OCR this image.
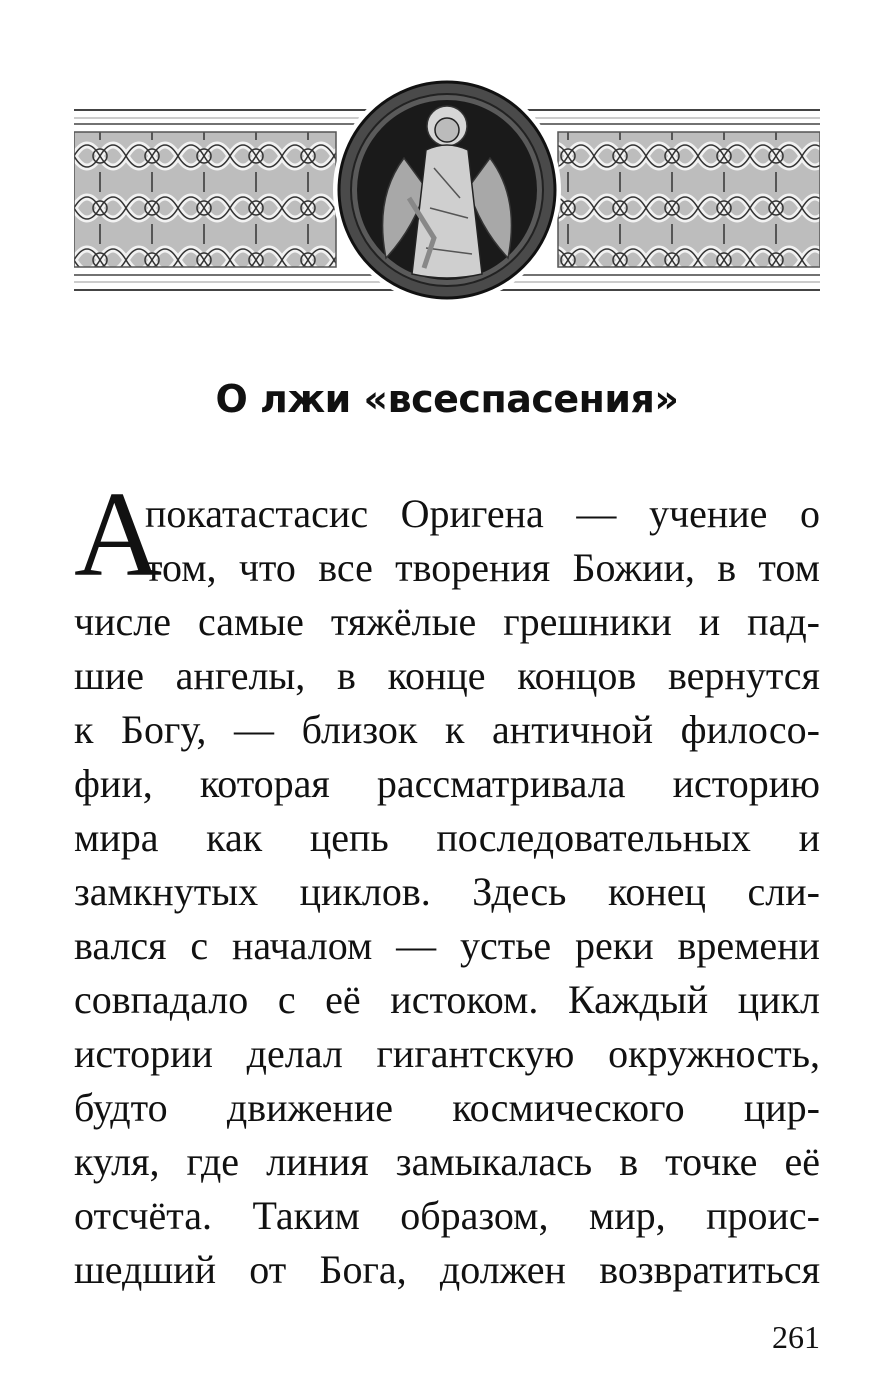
О лжи «всеспасения»
А
покатастасис Оригена — учение о
том, что все творения Божии, в том
числе самые тяжёлые грешники и пад-
шие ангелы, в конце концов вернутся
к Богу, — близок к античной филосо-
фии, которая рассматривала историю
мира как цепь последовательных и
замкнутых циклов. Здесь конец сли-
вался с началом — устье реки времени
совпадало с её истоком. Каждый цикл
истории делал гигантскую окружность,
будто движение космического цир-
куля, где линия замыкалась в точке её
отсчёта. Таким образом, мир, проис-
шедший от Бога, должен возвратиться
261
